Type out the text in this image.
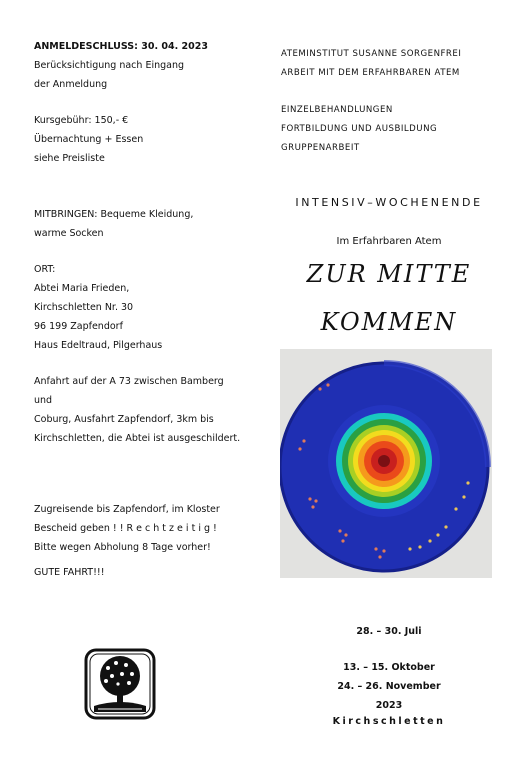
ANMELDESCHLUSS: 30. 04. 2023
Berücksichtigung nach Eingang
der Anmeldung
Kursgebühr: 150,- €
Übernachtung + Essen
siehe Preisliste
MITBRINGEN: Bequeme Kleidung,
warme Socken
ORT:
Abtei Maria Frieden,
Kirchschletten Nr. 30
96 199 Zapfendorf
Haus Edeltraud, Pilgerhaus
Anfahrt auf der A 73 zwischen Bamberg
und
Coburg, Ausfahrt Zapfendorf, 3km bis
Kirchschletten, die Abtei ist ausgeschildert.
Zugreisende bis Zapfendorf, im Kloster
Bescheid geben ! ! R e c h t z e i t i g !
Bitte wegen Abholung 8 Tage vorher!
GUTE FAHRT!!!
ATEMINSTITUT SUSANNE SORGENFREI
ARBEIT MIT DEM ERFAHRBAREN ATEM
EINZELBEHANDLUNGEN
FORTBILDUNG UND AUSBILDUNG
GRUPPENARBEIT
INTENSIV–WOCHENENDE
Im Erfahrbaren Atem
ZUR MITTE
KOMMEN
28. – 30. Juli
13. – 15. Oktober
24. – 26. November
2023
Kirchschletten
